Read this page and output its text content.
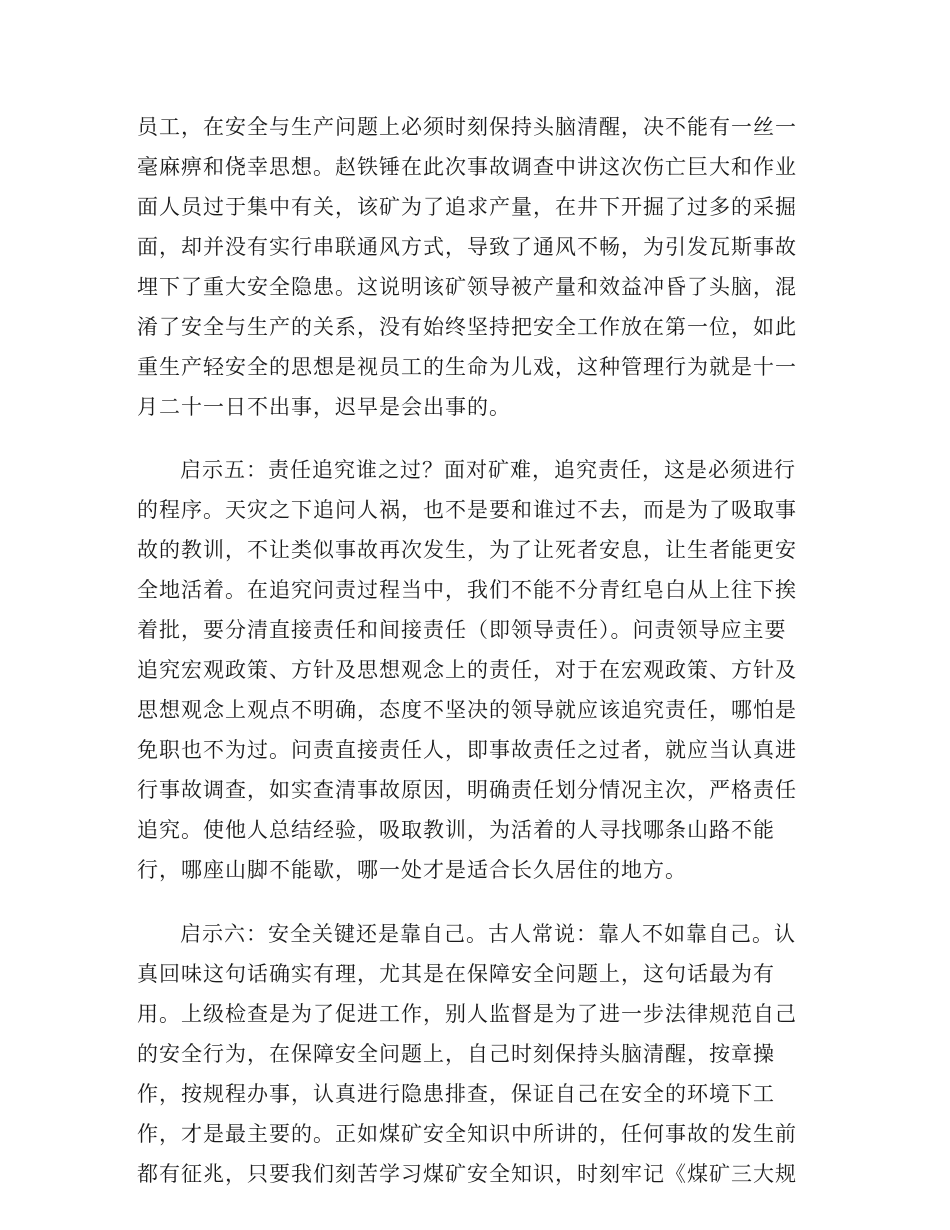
员工，在安全与生产问题上必须时刻保持头脑清醒，决不能有一丝一
毫麻痹和侥幸思想。赵铁锤在此次事故调查中讲这次伤亡巨大和作业
面人员过于集中有关，该矿为了追求产量，在井下开掘了过多的采掘
面，却并没有实行串联通风方式，导致了通风不畅，为引发瓦斯事故
埋下了重大安全隐患。这说明该矿领导被产量和效益冲昏了头脑，混
淆了安全与生产的关系，没有始终坚持把安全工作放在第一位，如此
重生产轻安全的思想是视员工的生命为儿戏，这种管理行为就是十一
月二十一日不出事，迟早是会出事的。
启示五：责任追究谁之过？面对矿难，追究责任，这是必须进行
的程序。天灾之下追问人祸，也不是要和谁过不去，而是为了吸取事
故的教训，不让类似事故再次发生，为了让死者安息，让生者能更安
全地活着。在追究问责过程当中，我们不能不分青红皂白从上往下挨
着批，要分清直接责任和间接责任（即领导责任）。问责领导应主要
追究宏观政策、方针及思想观念上的责任，对于在宏观政策、方针及
思想观念上观点不明确，态度不坚决的领导就应该追究责任，哪怕是
免职也不为过。问责直接责任人，即事故责任之过者，就应当认真进
行事故调查，如实查清事故原因，明确责任划分情况主次，严格责任
追究。使他人总结经验，吸取教训，为活着的人寻找哪条山路不能
行，哪座山脚不能歇，哪一处才是适合长久居住的地方。
启示六：安全关键还是靠自己。古人常说：靠人不如靠自己。认
真回味这句话确实有理，尤其是在保障安全问题上，这句话最为有
用。上级检查是为了促进工作，别人监督是为了进一步法律规范自己
的安全行为，在保障安全问题上，自己时刻保持头脑清醒，按章操
作，按规程办事，认真进行隐患排查，保证自己在安全的环境下工
作，才是最主要的。正如煤矿安全知识中所讲的，任何事故的发生前
都有征兆，只要我们刻苦学习煤矿安全知识，时刻牢记《煤矿三大规
